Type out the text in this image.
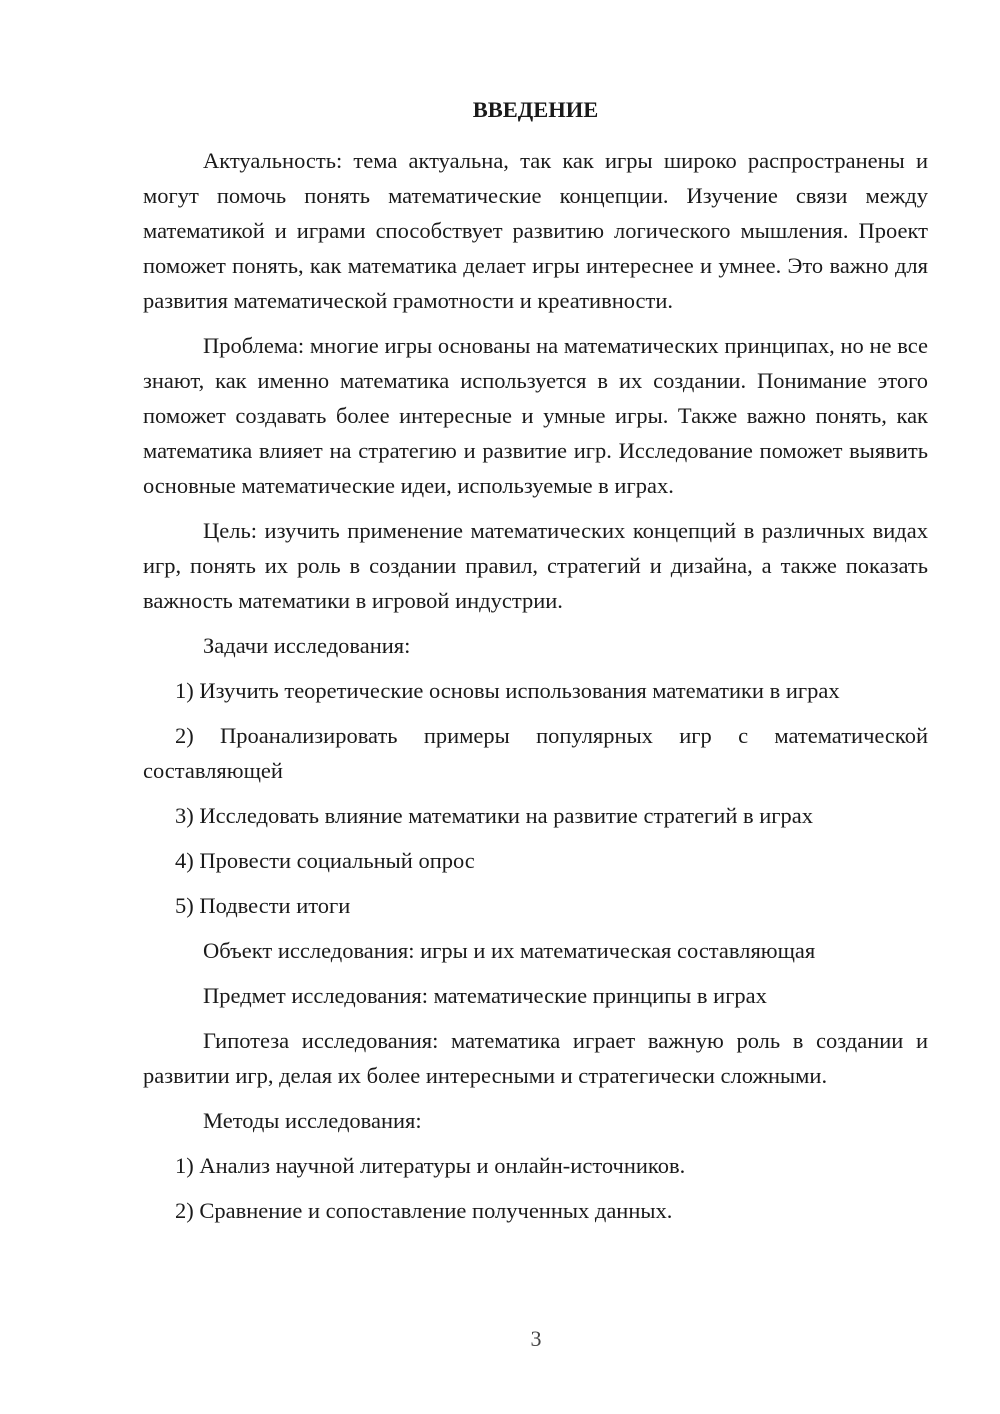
ВВЕДЕНИЕ

Актуальность: тема актуальна, так как игры широко распространены и могут помочь понять математические концепции. Изучение связи между математикой и играми способствует развитию логического мышления. Проект поможет понять, как математика делает игры интереснее и умнее. Это важно для развития математической грамотности и креативности.

Проблема: многие игры основаны на математических принципах, но не все знают, как именно математика используется в их создании. Понимание этого поможет создавать более интересные и умные игры. Также важно понять, как математика влияет на стратегию и развитие игр. Исследование поможет выявить основные математические идеи, используемые в играх.

Цель: изучить применение математических концепций в различных видах игр, понять их роль в создании правил, стратегий и дизайна, а также показать важность математики в игровой индустрии.

Задачи исследования:

1) Изучить теоретические основы использования математики в играх

2) Проанализировать примеры популярных игр с математической составляющей

3) Исследовать влияние математики на развитие стратегий в играх

4) Провести социальный опрос

5) Подвести итоги

Объект исследования: игры и их математическая составляющая

Предмет исследования: математические принципы в играх

Гипотеза исследования: математика играет важную роль в создании и развитии игр, делая их более интересными и стратегически сложными.

Методы исследования:

1) Анализ научной литературы и онлайн-источников.

2) Сравнение и сопоставление полученных данных.

3
